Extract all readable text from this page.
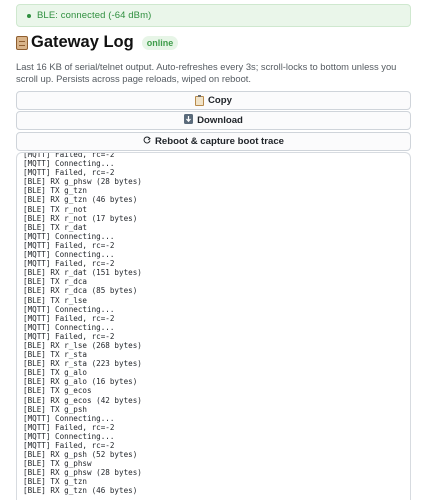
BLE: connected (-64 dBm)
Gateway Log	online
Last 16 KB of serial/telnet output. Auto-refreshes every 3s; scroll-locks to bottom unless you scroll up. Persists across page reloads, wiped on reboot.
Copy
Download
Reboot & capture boot trace
[MQTT] Failed, rc=-2
[MQTT] Connecting...
[MQTT] Failed, rc=-2
[BLE] RX g_phsw (28 bytes)
[BLE] TX g_tzn
[BLE] RX g_tzn (46 bytes)
[BLE] TX r_not
[BLE] RX r_not (17 bytes)
[BLE] TX r_dat
[MQTT] Connecting...
[MQTT] Failed, rc=-2
[MQTT] Connecting...
[MQTT] Failed, rc=-2
[BLE] RX r_dat (151 bytes)
[BLE] TX r_dca
[BLE] RX r_dca (85 bytes)
[BLE] TX r_lse
[MQTT] Connecting...
[MQTT] Failed, rc=-2
[MQTT] Connecting...
[MQTT] Failed, rc=-2
[BLE] RX r_lse (268 bytes)
[BLE] TX r_sta
[BLE] RX r_sta (223 bytes)
[BLE] TX g_alo
[BLE] RX g_alo (16 bytes)
[BLE] TX g_ecos
[BLE] RX g_ecos (42 bytes)
[BLE] TX g_psh
[MQTT] Connecting...
[MQTT] Failed, rc=-2
[MQTT] Connecting...
[MQTT] Failed, rc=-2
[BLE] RX g_psh (52 bytes)
[BLE] TX g_phsw
[BLE] RX g_phsw (28 bytes)
[BLE] TX g_tzn
[BLE] RX g_tzn (46 bytes)
